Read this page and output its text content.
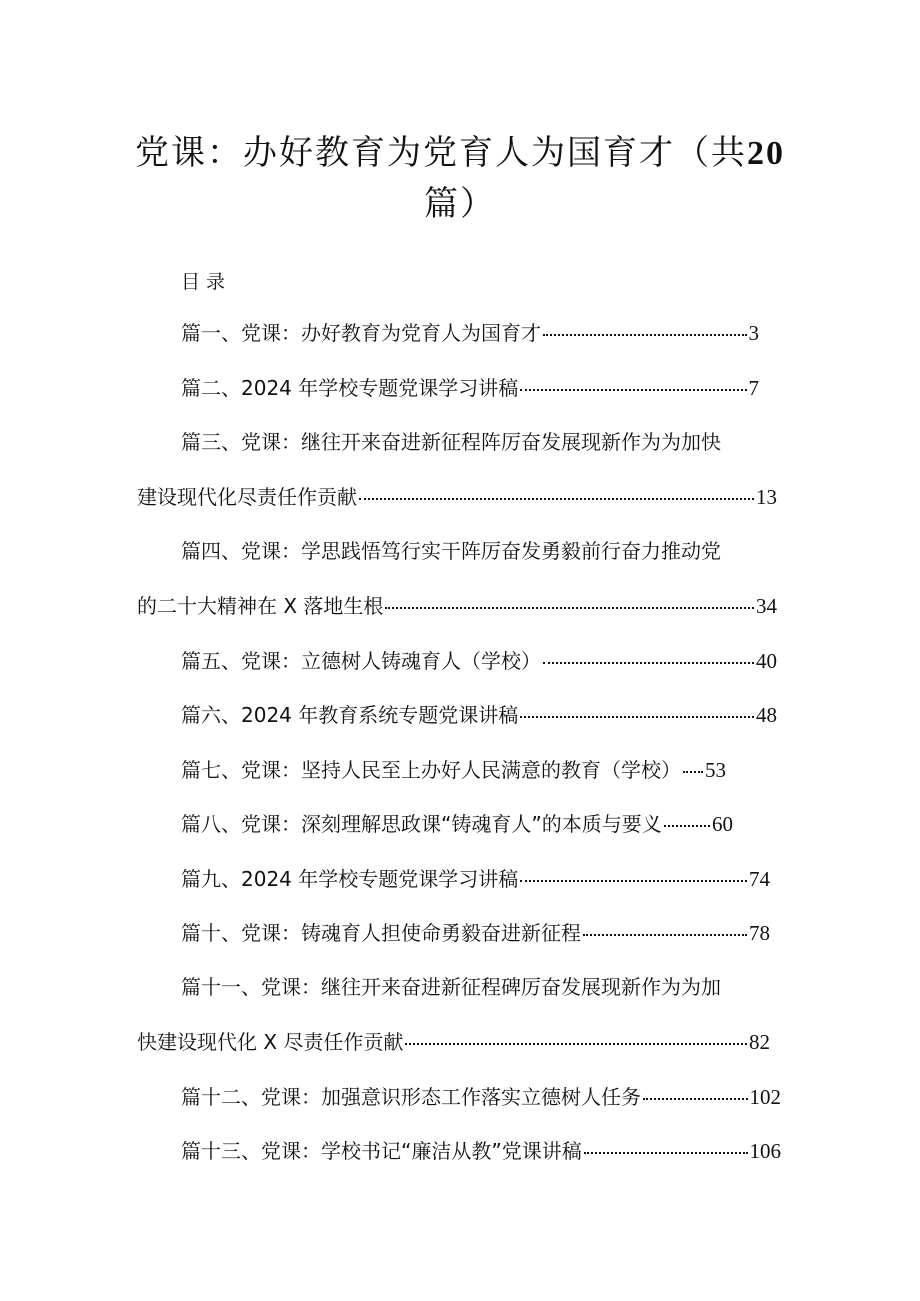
党课：办好教育为党育人为国育才（共20
篇）
目录
篇一、党课：办好教育为党育人为国育才	3
篇二、2024 年学校专题党课学习讲稿	7
篇三、党课：继往开来奋进新征程阵厉奋发展现新作为为加快
建设现代化尽责任作贡献	13
篇四、党课：学思践悟笃行实干阵厉奋发勇毅前行奋力推动党
的二十大精神在 X 落地生根	34
篇五、党课：立德树人铸魂育人（学校）	40
篇六、2024 年教育系统专题党课讲稿	48
篇七、党课：坚持人民至上办好人民满意的教育（学校） 53
篇八、党课：深刻理解思政课“铸魂育人”的本质与要义 60
篇九、2024 年学校专题党课学习讲稿	74
篇十、党课：铸魂育人担使命勇毅奋进新征程	78
篇十一、党课：继往开来奋进新征程碑厉奋发展现新作为为加
快建设现代化 X 尽责任作贡献	82
篇十二、党课：加强意识形态工作落实立德树人任务	102
篇十三、党课：学校书记“廉洁从教”党课讲稿	106
